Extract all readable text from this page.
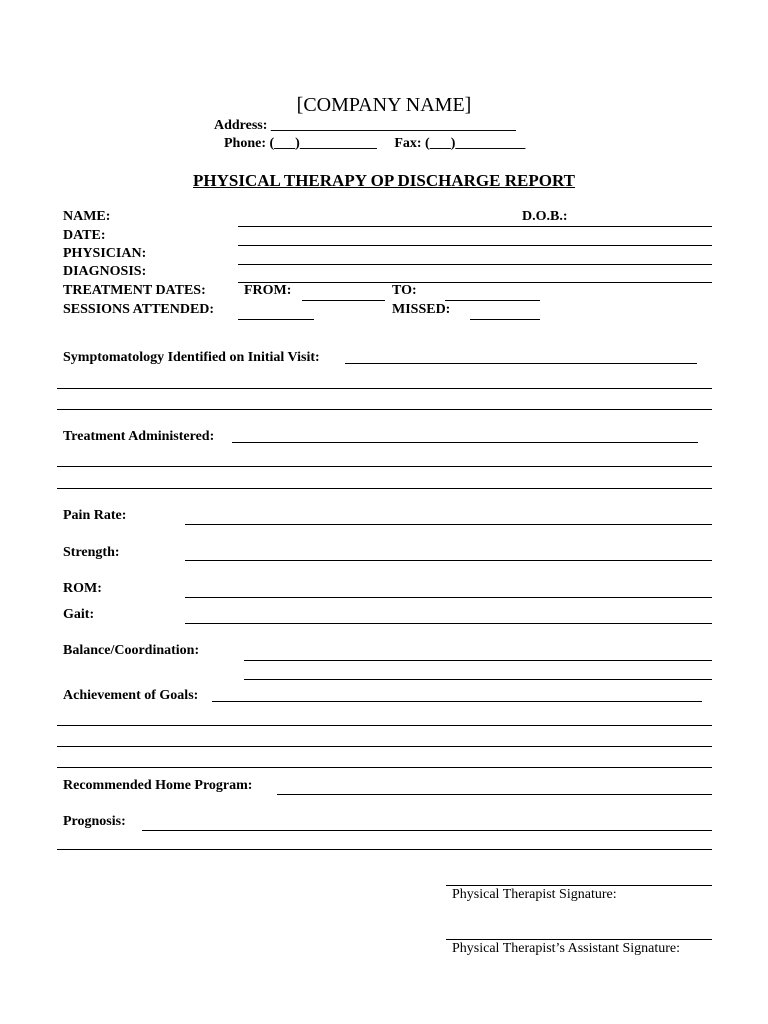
[COMPANY NAME]
Address: ___________________________________
Phone: (___)___________     Fax: (___)__________
PHYSICAL THERAPY OP DISCHARGE REPORT
NAME:	D.O.B.:
DATE:
PHYSICIAN:
DIAGNOSIS:
TREATMENT DATES:	FROM:	TO:
SESSIONS ATTENDED:	MISSED:
Symptomatology Identified on Initial Visit:
Treatment Administered:
Pain Rate:
Strength:
ROM:
Gait:
Balance/Coordination:
Achievement of Goals:
Recommended Home Program:
Prognosis:
Physical Therapist Signature:
Physical Therapist’s Assistant Signature:
